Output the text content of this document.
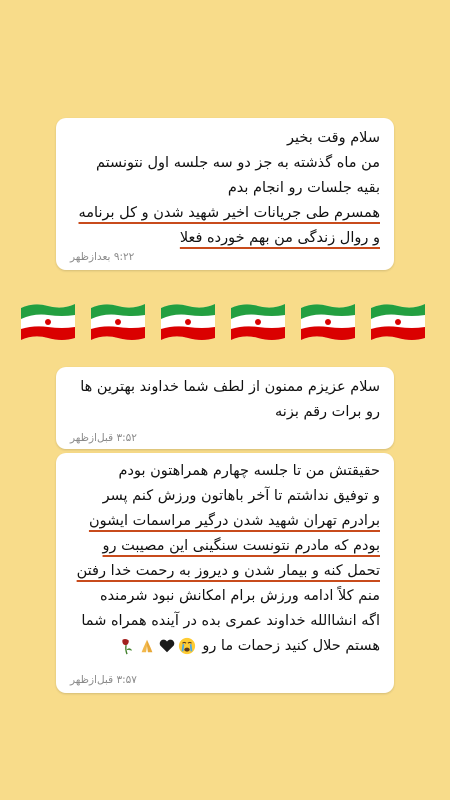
سلام وقت بخیر
من ماه گذشته به جز دو سه جلسه اول نتونستم
بقیه جلسات رو انجام بدم
همسرم طی جریانات اخیر شهید شدن و کل برنامه
و روال زندگی من بهم خورده فعلا
۹:۲۲ بعدازظهر
سلام عزیزم ممنون از لطف شما خداوند بهترین ها
رو برات رقم بزنه
۳:۵۲ قبل‌ازظهر
حقیقتش من تا جلسه چهارم همراهتون بودم
و توفیق نداشتم تا آخر باهاتون ورزش کنم پسر
برادرم تهران شهید شدن درگیر مراسمات ایشون
بودم که مادرم نتونست سنگینی این مصیبت رو
تحمل کنه و بیمار شدن و دیروز به رحمت خدا رفتن
منم کلاً ادامه ورزش برام امکانش نبود شرمنده
اگه انشاالله خداوند عمری بده در آینده همراه شما
هستم حلال کنید زحمات ما رو
۳:۵۷ قبل‌ازظهر
